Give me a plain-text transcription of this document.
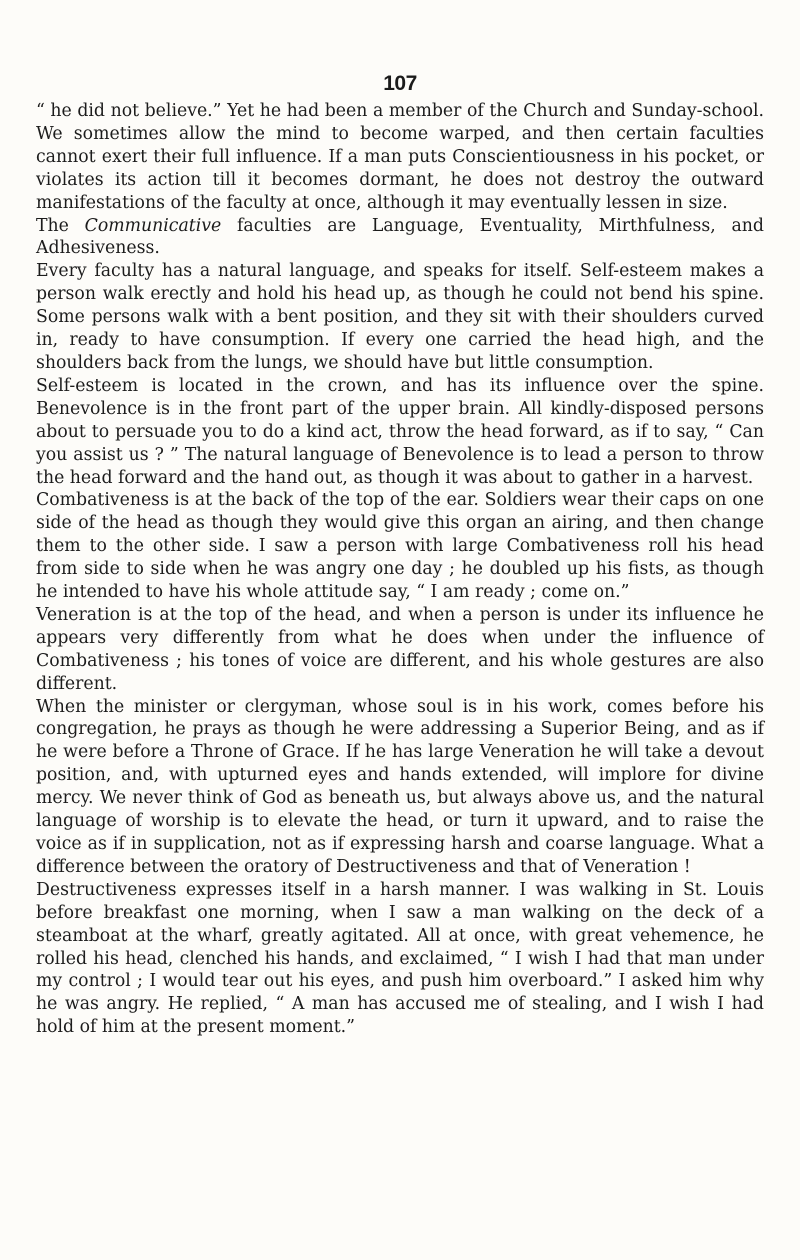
107

“ he did not believe.” Yet he had been a member of the Church and Sunday-school. We sometimes allow the mind to become warped, and then certain faculties cannot exert their full influence. If a man puts Conscientiousness in his pocket, or violates its action till it becomes dormant, he does not destroy the outward manifestations of the faculty at once, although it may eventually lessen in size.

The Communicative faculties are Language, Eventuality, Mirthfulness, and Adhesiveness.

Every faculty has a natural language, and speaks for itself. Self-esteem makes a person walk erectly and hold his head up, as though he could not bend his spine. Some persons walk with a bent position, and they sit with their shoulders curved in, ready to have consumption. If every one carried the head high, and the shoulders back from the lungs, we should have but little consumption.

Self-esteem is located in the crown, and has its influence over the spine. Benevolence is in the front part of the upper brain. All kindly-disposed persons about to persuade you to do a kind act, throw the head forward, as if to say, “ Can you assist us ? ” The natural language of Benevolence is to lead a person to throw the head forward and the hand out, as though it was about to gather in a harvest.

Combativeness is at the back of the top of the ear. Soldiers wear their caps on one side of the head as though they would give this organ an airing, and then change them to the other side. I saw a person with large Combativeness roll his head from side to side when he was angry one day ; he doubled up his fists, as though he intended to have his whole attitude say, “ I am ready ; come on.”

Veneration is at the top of the head, and when a person is under its influence he appears very differently from what he does when under the influence of Combativeness ; his tones of voice are different, and his whole gestures are also different.

When the minister or clergyman, whose soul is in his work, comes before his congregation, he prays as though he were addressing a Superior Being, and as if he were before a Throne of Grace. If he has large Veneration he will take a devout position, and, with upturned eyes and hands extended, will implore for divine mercy. We never think of God as beneath us, but always above us, and the natural language of worship is to elevate the head, or turn it upward, and to raise the voice as if in supplication, not as if expressing harsh and coarse language. What a difference between the oratory of Destructiveness and that of Veneration !

Destructiveness expresses itself in a harsh manner. I was walking in St. Louis before breakfast one morning, when I saw a man walking on the deck of a steamboat at the wharf, greatly agitated. All at once, with great vehemence, he rolled his head, clenched his hands, and exclaimed, “ I wish I had that man under my control ; I would tear out his eyes, and push him overboard.” I asked him why he was angry. He replied, “ A man has accused me of stealing, and I wish I had hold of him at the present moment.”
